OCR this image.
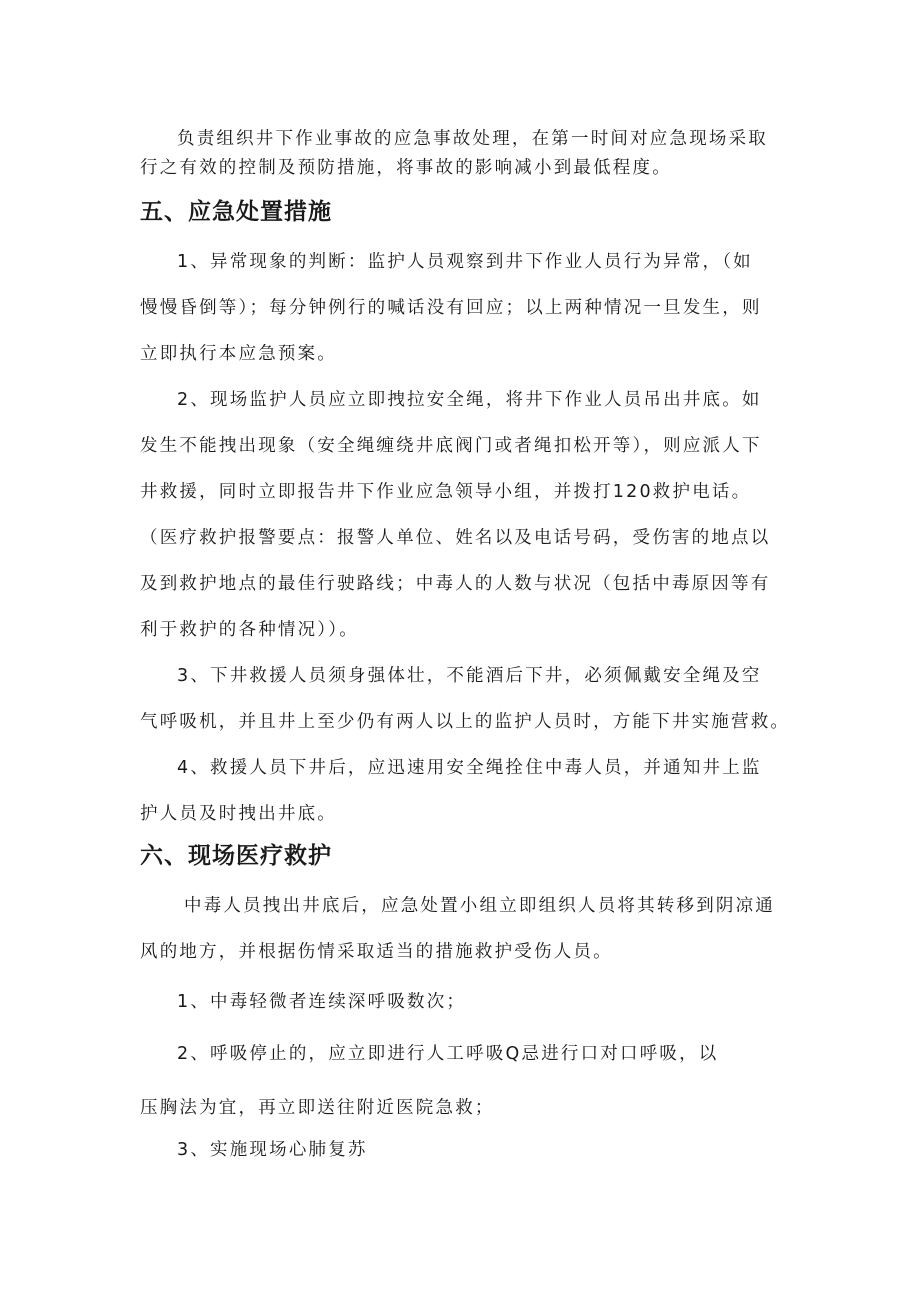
负责组织井下作业事故的应急事故处理，在第一时间对应急现场采取
行之有效的控制及预防措施，将事故的影响减小到最低程度。
五、应急处置措施
1、异常现象的判断：监护人员观察到井下作业人员行为异常，（如
慢慢昏倒等）；每分钟例行的喊话没有回应；以上两种情况一旦发生，则
立即执行本应急预案。
2、现场监护人员应立即拽拉安全绳，将井下作业人员吊出井底。如
发生不能拽出现象（安全绳缠绕井底阀门或者绳扣松开等），则应派人下
井救援，同时立即报告井下作业应急领导小组，并拨打120救护电话。
（医疗救护报警要点：报警人单位、姓名以及电话号码，受伤害的地点以
及到救护地点的最佳行驶路线；中毒人的人数与状况（包括中毒原因等有
利于救护的各种情况））。
3、下井救援人员须身强体壮，不能酒后下井，必须佩戴安全绳及空
气呼吸机，并且井上至少仍有两人以上的监护人员时，方能下井实施营救。
4、救援人员下井后，应迅速用安全绳拴住中毒人员，并通知井上监
护人员及时拽出井底。
六、现场医疗救护
中毒人员拽出井底后，应急处置小组立即组织人员将其转移到阴凉通
风的地方，并根据伤情采取适当的措施救护受伤人员。
1、中毒轻微者连续深呼吸数次；
2、呼吸停止的，应立即进行人工呼吸Q忌进行口对口呼吸，以
压胸法为宜，再立即送往附近医院急救；
3、实施现场心肺复苏
